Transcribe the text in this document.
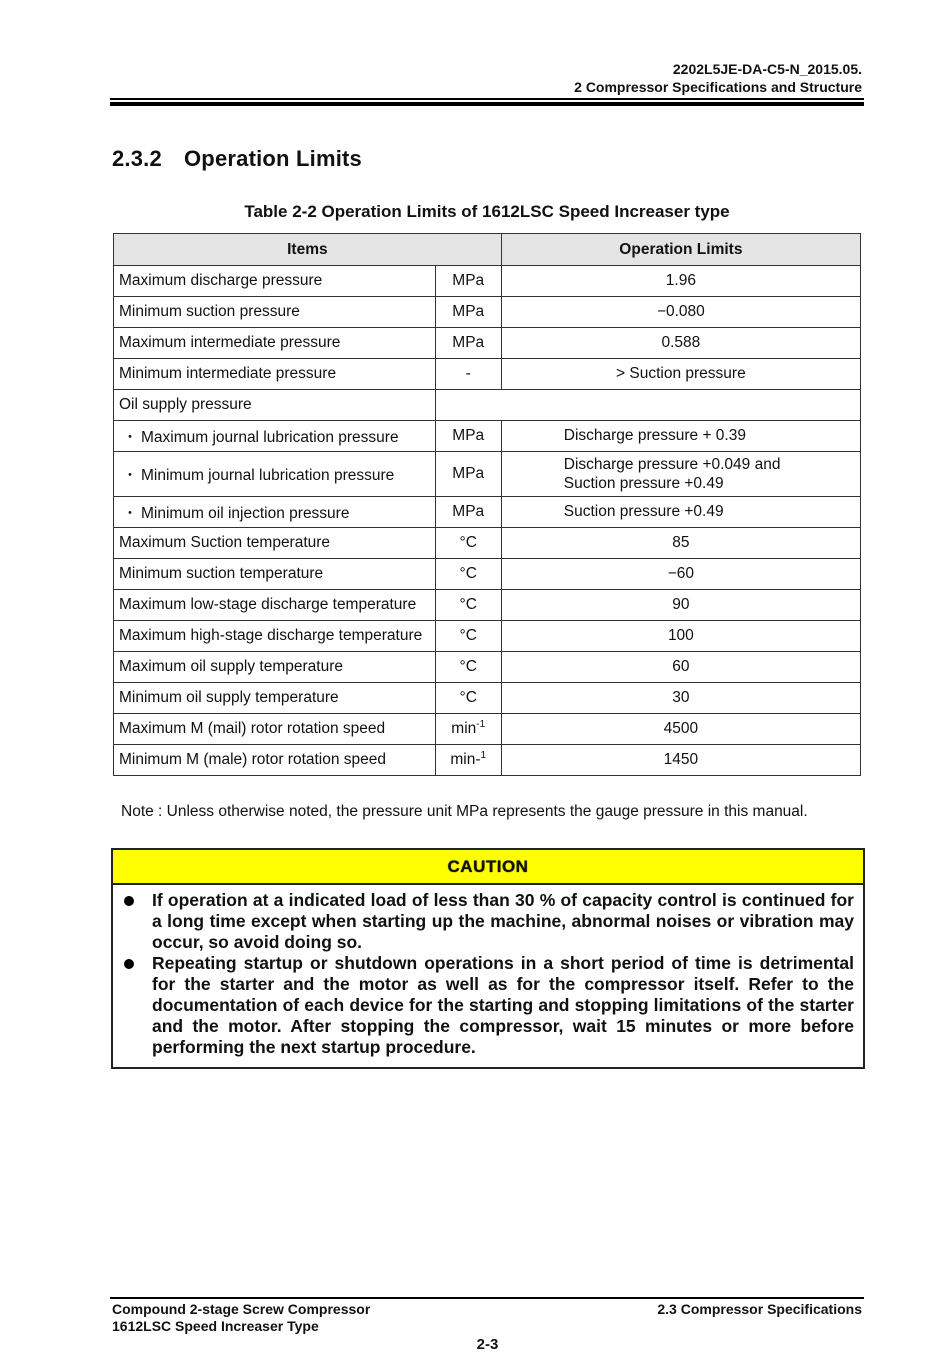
2202L5JE-DA-C5-N_2015.05.
2 Compressor Specifications and Structure
2.3.2 Operation Limits
Table 2-2 Operation Limits of 1612LSC Speed Increaser type
Items		Operation Limits
Maximum discharge pressure	MPa	1.96
Minimum suction pressure	MPa	−0.080
Maximum intermediate pressure	MPa	0.588
Minimum intermediate pressure	-	> Suction pressure
Oil supply pressure		
・ Maximum journal lubrication pressure	MPa	Discharge pressure + 0.39
・ Minimum journal lubrication pressure	MPa	Discharge pressure +0.049 and
Suction pressure +0.49

・ Minimum oil injection pressure	MPa	Suction pressure +0.49
Maximum Suction temperature	°C	85
Minimum suction temperature	°C	−60
Maximum low-stage discharge temperature	°C	90
Maximum high-stage discharge temperature	°C	100
Maximum oil supply temperature	°C	60
Minimum oil supply temperature	°C	30
Maximum M (mail) rotor rotation speed	$\min^{-1}$	4500
Minimum M (male) rotor rotation speed	min-$^1$	1450
Note : Unless otherwise noted, the pressure unit MPa represents the gauge pressure in this manual.
CAUTION
If operation at a indicated load of less than 30 % of capacity control is continued for a long time except when starting up the machine, abnormal noises or vibration may occur, so avoid doing so.
Repeating startup or shutdown operations in a short period of time is detrimental for the starter and the motor as well as for the compressor itself. Refer to the documentation of each device for the starting and stopping limitations of the starter and the motor. After stopping the compressor, wait 15 minutes or more before performing the next startup procedure.
Compound 2-stage Screw Compressor
1612LSC Speed Increaser Type
2.3 Compressor Specifications
2-3
